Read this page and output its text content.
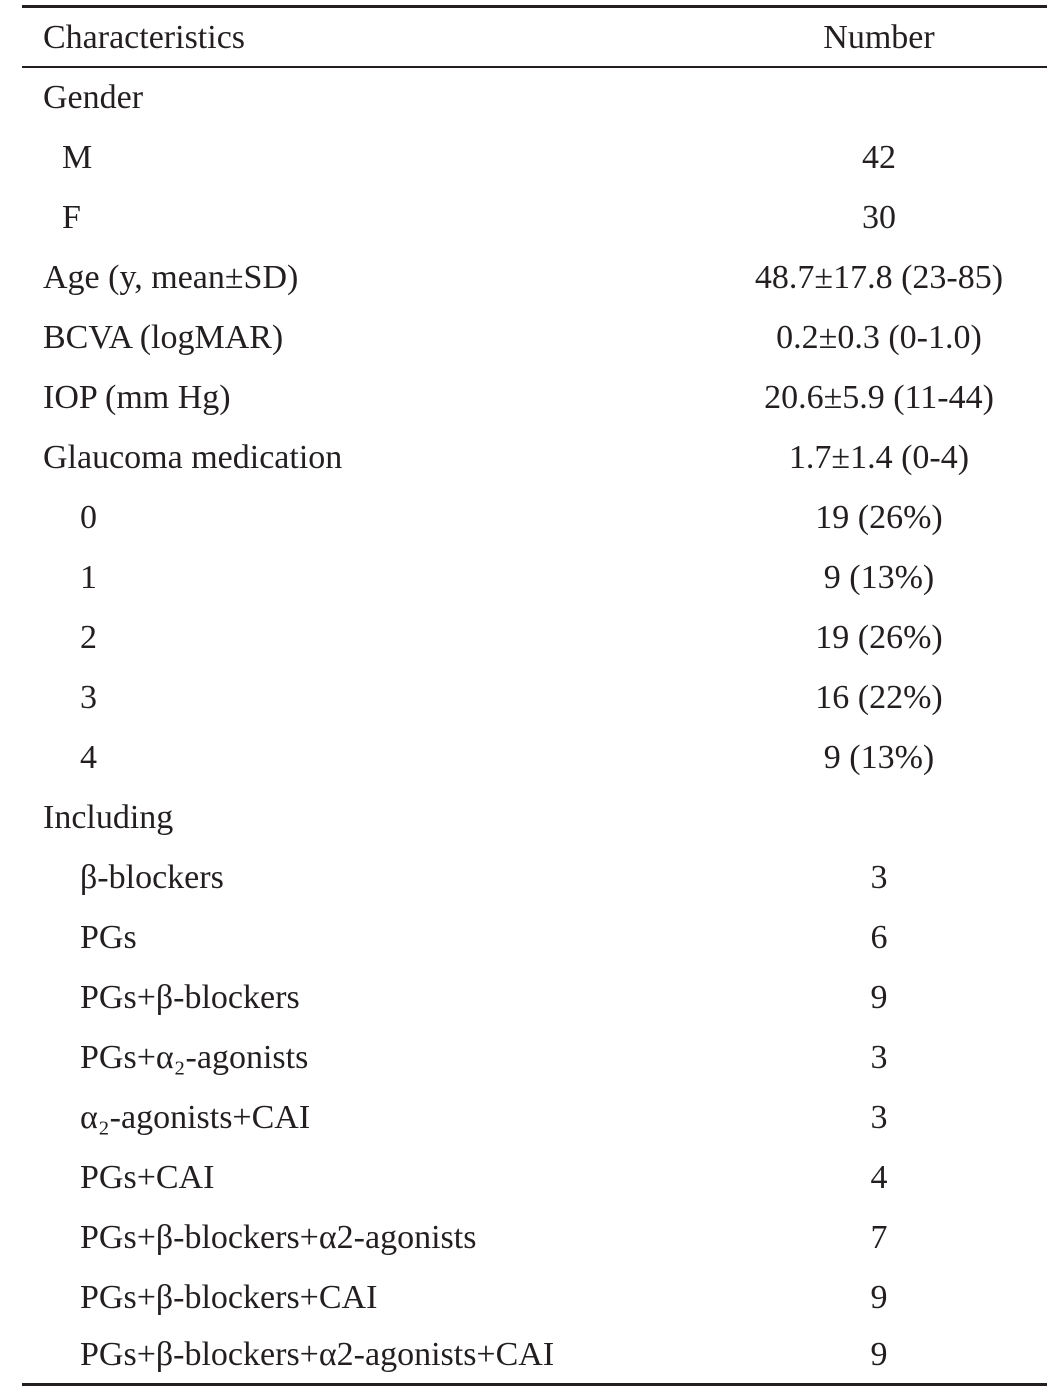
Characteristics	Number
Gender
M	42
F	30
Age (y, mean±SD)	48.7±17.8 (23-85)
BCVA (logMAR)	0.2±0.3 (0-1.0)
IOP (mm Hg)	20.6±5.9 (11-44)
Glaucoma medication	1.7±1.4 (0-4)
0	19 (26%)
1	9 (13%)
2	19 (26%)
3	16 (22%)
4	9 (13%)
Including
β-blockers	3
PGs	6
PGs+β-blockers	9
PGs+α₂-agonists	3
α₂-agonists+CAI	3
PGs+CAI	4
PGs+β-blockers+α2-agonists	7
PGs+β-blockers+CAI	9
PGs+β-blockers+α2-agonists+CAI	9
